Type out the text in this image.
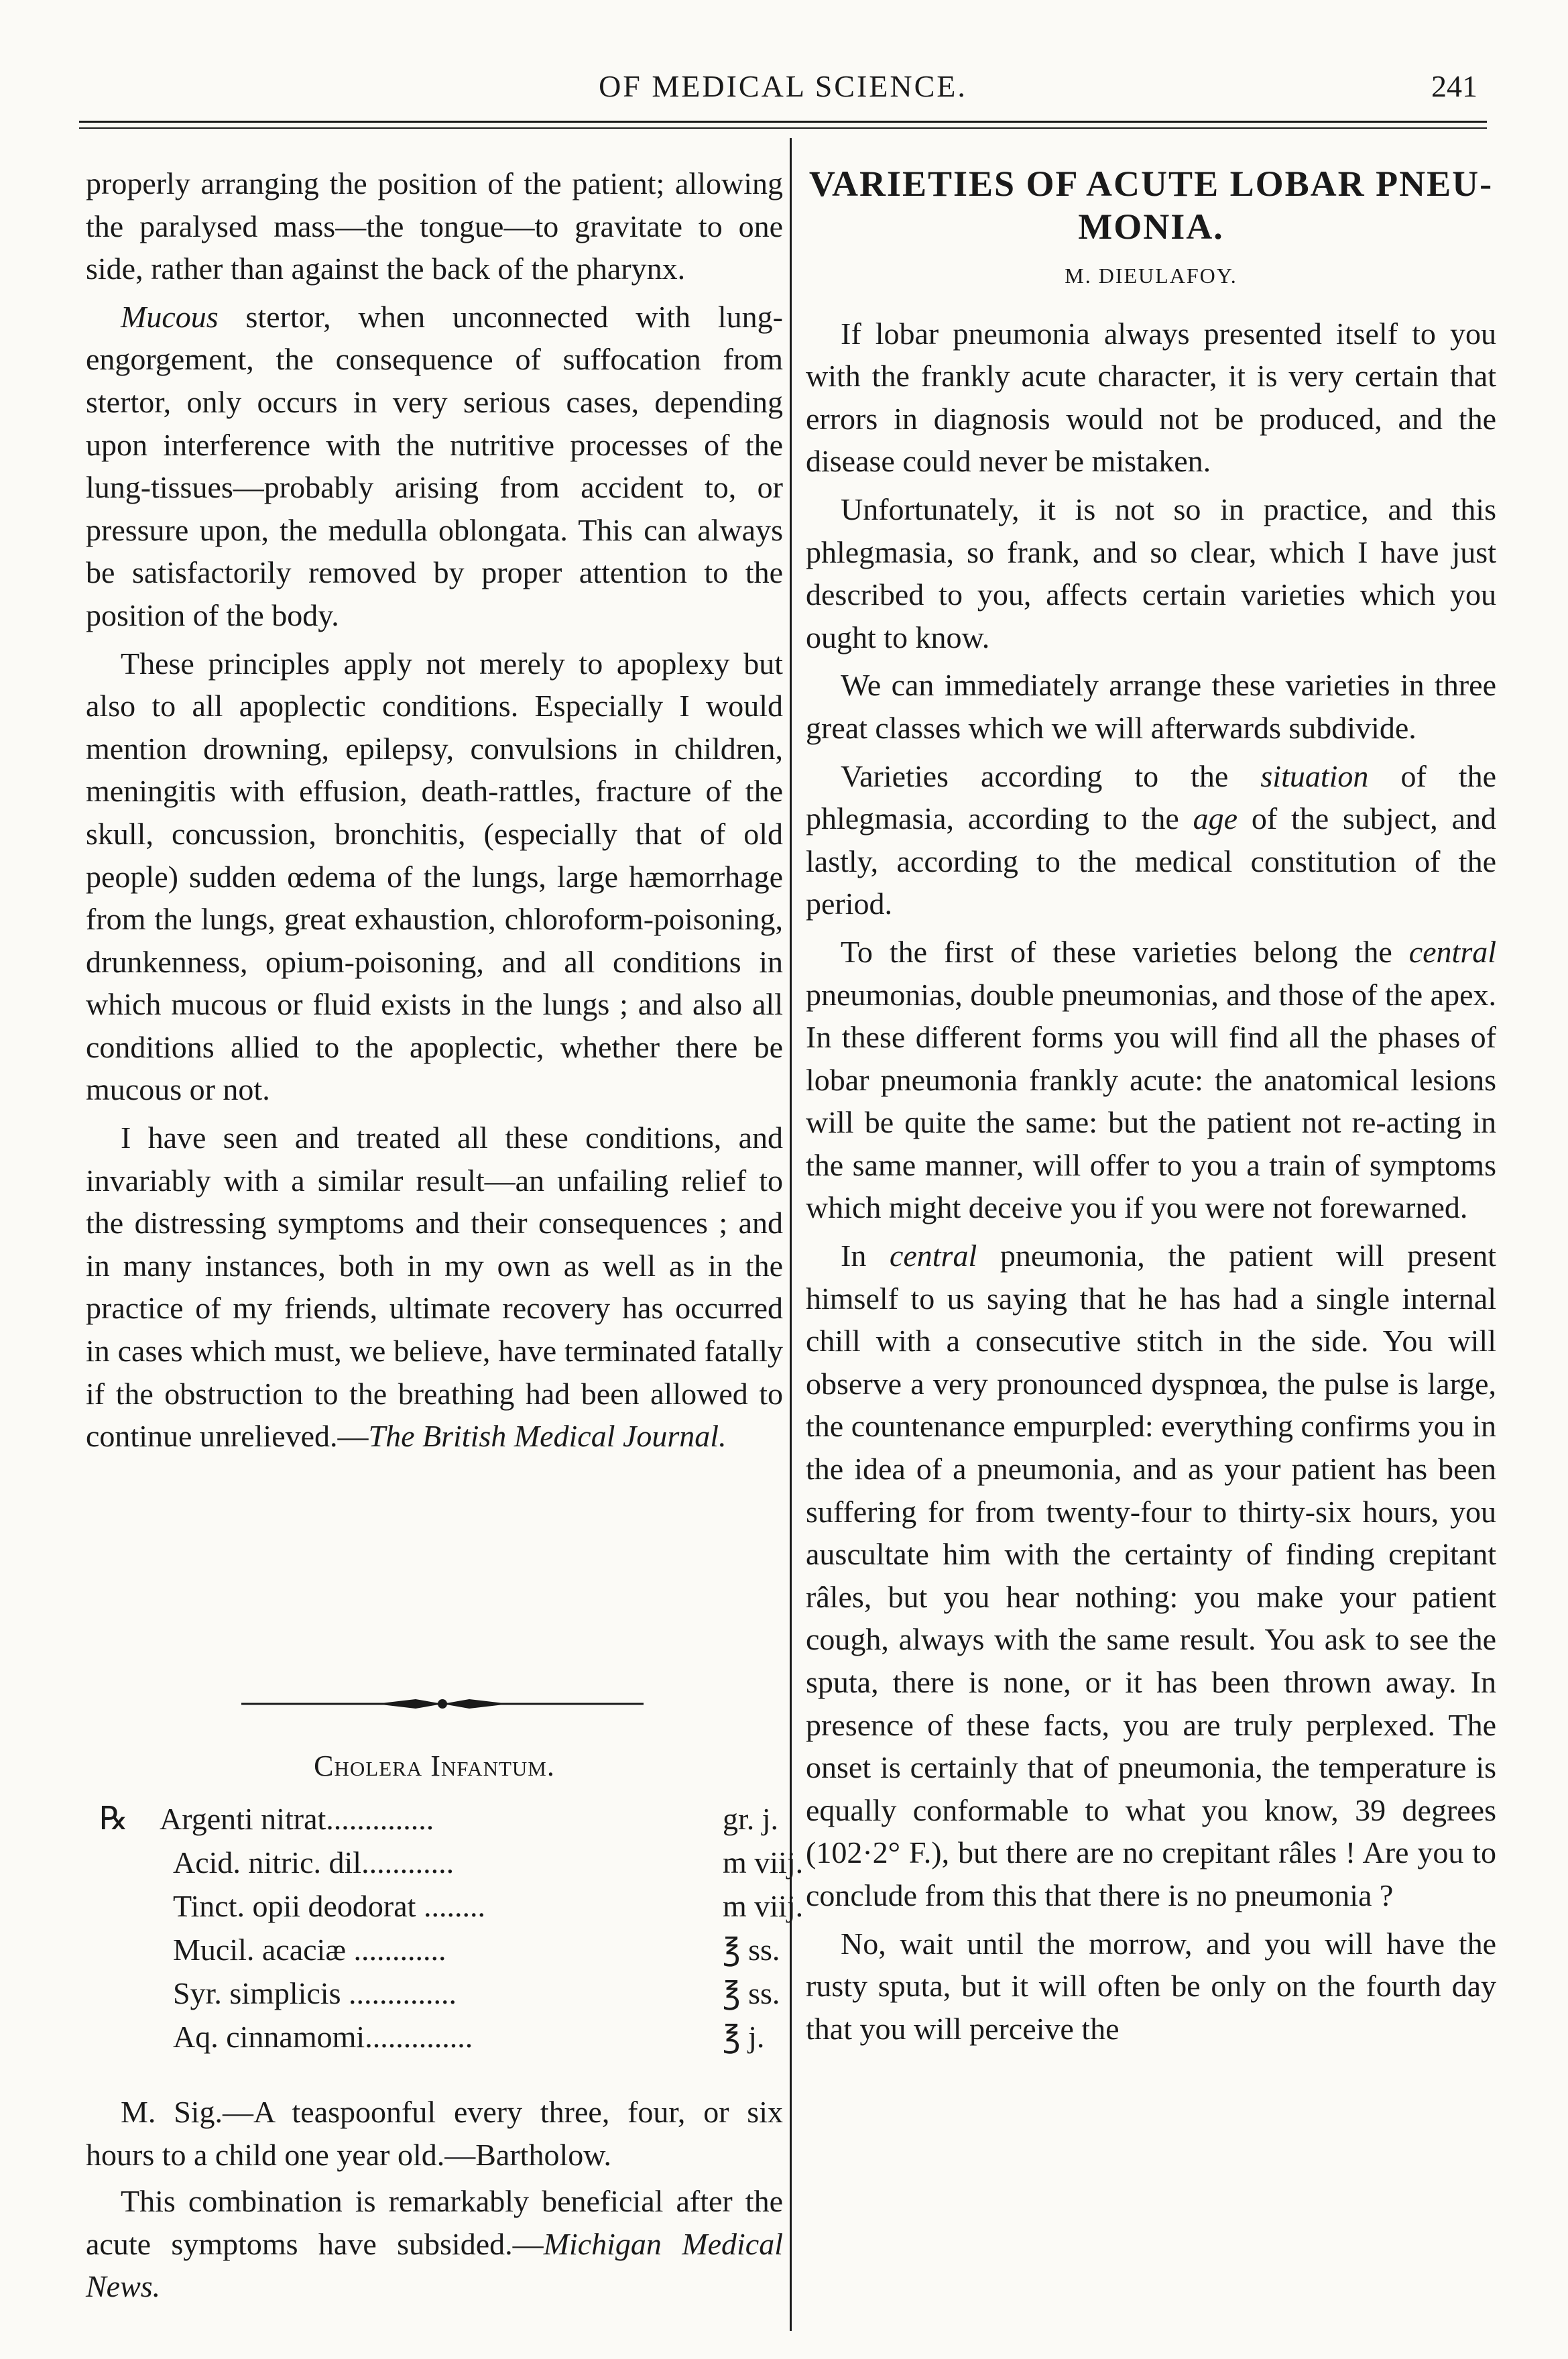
OF MEDICAL SCIENCE.	241

properly arranging the position of the patient; allowing the paralysed mass—the tongue—to gravitate to one side, rather than against the back of the pharynx.

Mucous stertor, when unconnected with lung-engorgement, the consequence of suffocation from stertor, only occurs in very serious cases, depending upon interference with the nutritive processes of the lung-tissues—probably arising from accident to, or pressure upon, the medulla oblongata. This can always be satisfactorily removed by proper attention to the position of the body.

These principles apply not merely to apoplexy but also to all apoplectic conditions. Especially I would mention drowning, epilepsy, convulsions in children, meningitis with effusion, death-rattles, fracture of the skull, concussion, bronchitis, (especially that of old people) sudden œdema of the lungs, large hæmorrhage from the lungs, great exhaustion, chloroform-poisoning, drunkenness, opium-poisoning, and all conditions in which mucous or fluid exists in the lungs ; and also all conditions allied to the apoplectic, whether there be mucous or not.

I have seen and treated all these conditions, and invariably with a similar result—an unfailing relief to the distressing symptoms and their consequences ; and in many instances, both in my own as well as in the practice of my friends, ultimate recovery has occurred in cases which must, we believe, have terminated fatally if the obstruction to the breathing had been allowed to continue unrelieved.—The British Medical Journal.

Cholera Infantum.
℞ Argenti nitrat..............	gr. j.
Acid. nitric. dil............	m viij.
Tinct. opii deodorat ........	m viij.
Mucil. acaciæ ............	℥ ss.
Syr. simplicis ..............	℥ ss.
Aq. cinnamomi..............	℥ j.

M. Sig.—A teaspoonful every three, four, or six hours to a child one year old.—Bartholow.

This combination is remarkably beneficial after the acute symptoms have subsided.—Michigan Medical News.

VARIETIES OF ACUTE LOBAR PNEU-
MONIA.
M. DIEULAFOY.

If lobar pneumonia always presented itself to you with the frankly acute character, it is very certain that errors in diagnosis would not be produced, and the disease could never be mistaken.

Unfortunately, it is not so in practice, and this phlegmasia, so frank, and so clear, which I have just described to you, affects certain varieties which you ought to know.

We can immediately arrange these varieties in three great classes which we will afterwards subdivide.

Varieties according to the situation of the phlegmasia, according to the age of the subject, and lastly, according to the medical constitution of the period.

To the first of these varieties belong the central pneumonias, double pneumonias, and those of the apex. In these different forms you will find all the phases of lobar pneumonia frankly acute: the anatomical lesions will be quite the same: but the patient not re-acting in the same manner, will offer to you a train of symptoms which might deceive you if you were not forewarned.

In central pneumonia, the patient will present himself to us saying that he has had a single internal chill with a consecutive stitch in the side. You will observe a very pronounced dyspnœa, the pulse is large, the countenance empurpled: everything confirms you in the idea of a pneumonia, and as your patient has been suffering for from twenty-four to thirty-six hours, you auscultate him with the certainty of finding crepitant râles, but you hear nothing: you make your patient cough, always with the same result. You ask to see the sputa, there is none, or it has been thrown away. In presence of these facts, you are truly perplexed. The onset is certainly that of pneumonia, the temperature is equally conformable to what you know, 39 degrees (102·2° F.), but there are no crepitant râles ! Are you to conclude from this that there is no pneumonia ?

No, wait until the morrow, and you will have the rusty sputa, but it will often be only on the fourth day that you will perceive the
